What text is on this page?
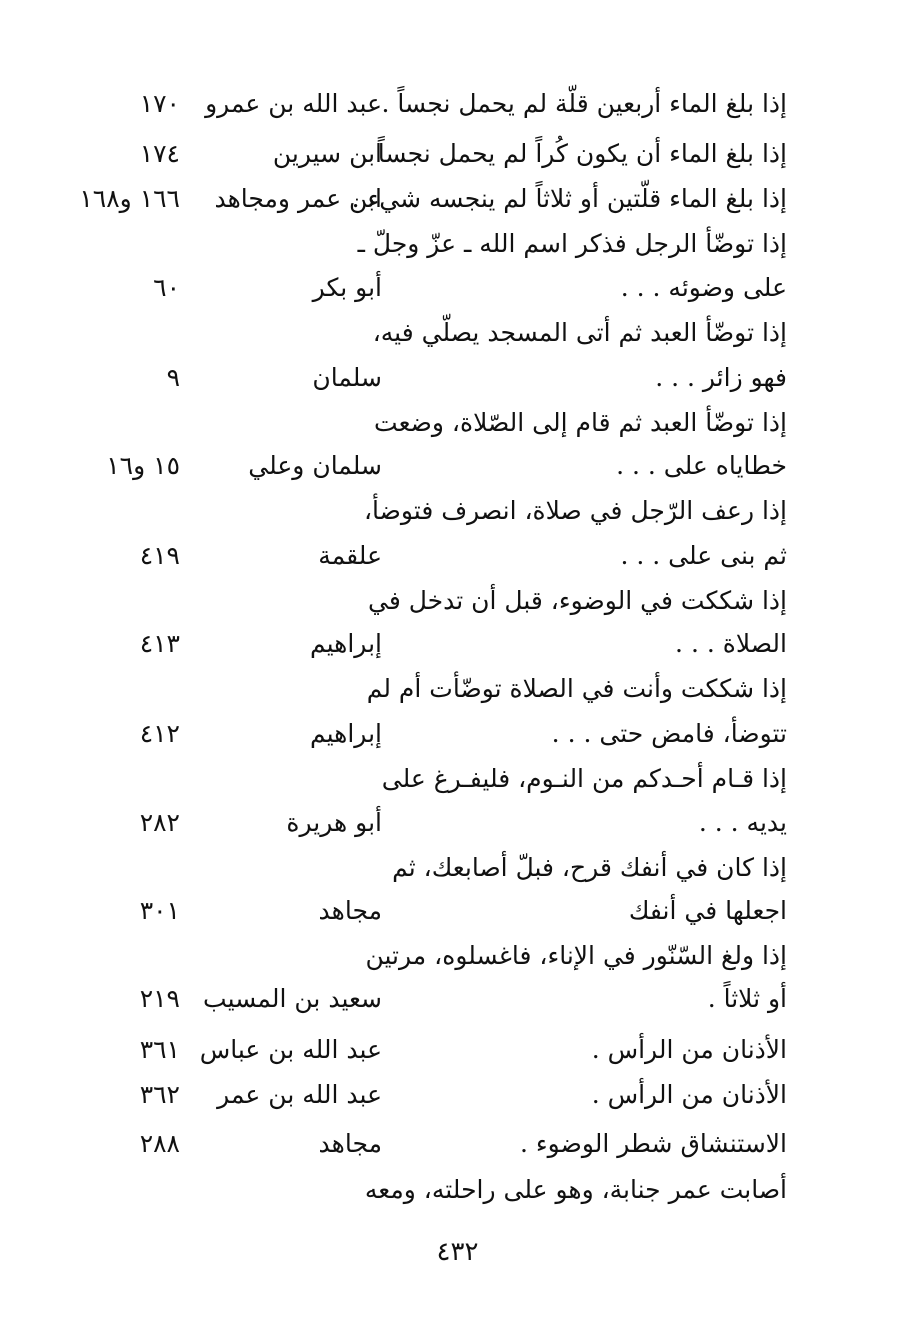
إذا بلغ الماء أربعين قلّة لم يحمل نجساً .
عبد الله بن عمرو
١٧٠
إذا بلغ الماء أن يكون كُراً لم يحمل نجساً .
ابن سيرين
١٧٤
إذا بلغ الماء قلّتين أو ثلاثاً لم ينجسه شيء .
ابن عمر ومجاهد
١٦٦ و١٦٨
إذا توضّأ الرجل فذكر اسم الله ـ عزّ وجلّ ـ
على وضوئه . . .
أبو بكر
٦٠
إذا توضّأ العبد ثم أتى المسجد يصلّي فيه،
فهو زائر . . .
سلمان
٩
إذا توضّأ العبد ثم قام إلى الصّلاة، وضعت
خطاياه على . . .
سلمان وعلي
١٥ و١٦
إذا رعف الرّجل في صلاة، انصرف فتوضأ،
ثم بنى على . . .
علقمة
٤١٩
إذا شككت في الوضوء، قبل أن تدخل في
الصلاة . . .
إبراهيم
٤١٣
إذا شككت وأنت في الصلاة توضّأت أم لم
تتوضأ، فامض حتى . . .
إبراهيم
٤١٢
إذا قـام أحـدكم من النـوم، فليفـرغ على
يديه . . .
أبو هريرة
٢٨٢
إذا كان في أنفك قرح، فبلّ أصابعك، ثم
اجعلها في أنفك
مجاهد
٣٠١
إذا ولغ السّنّور في الإناء، فاغسلوه، مرتين
أو ثلاثاً .
سعيد بن المسيب
٢١٩
الأذنان من الرأس .
عبد الله بن عباس
٣٦١
الأذنان من الرأس .
عبد الله بن عمر
٣٦٢
الاستنشاق شطر الوضوء .
مجاهد
٢٨٨
أصابت عمر جنابة، وهو على راحلته، ومعه
٤٣٢
